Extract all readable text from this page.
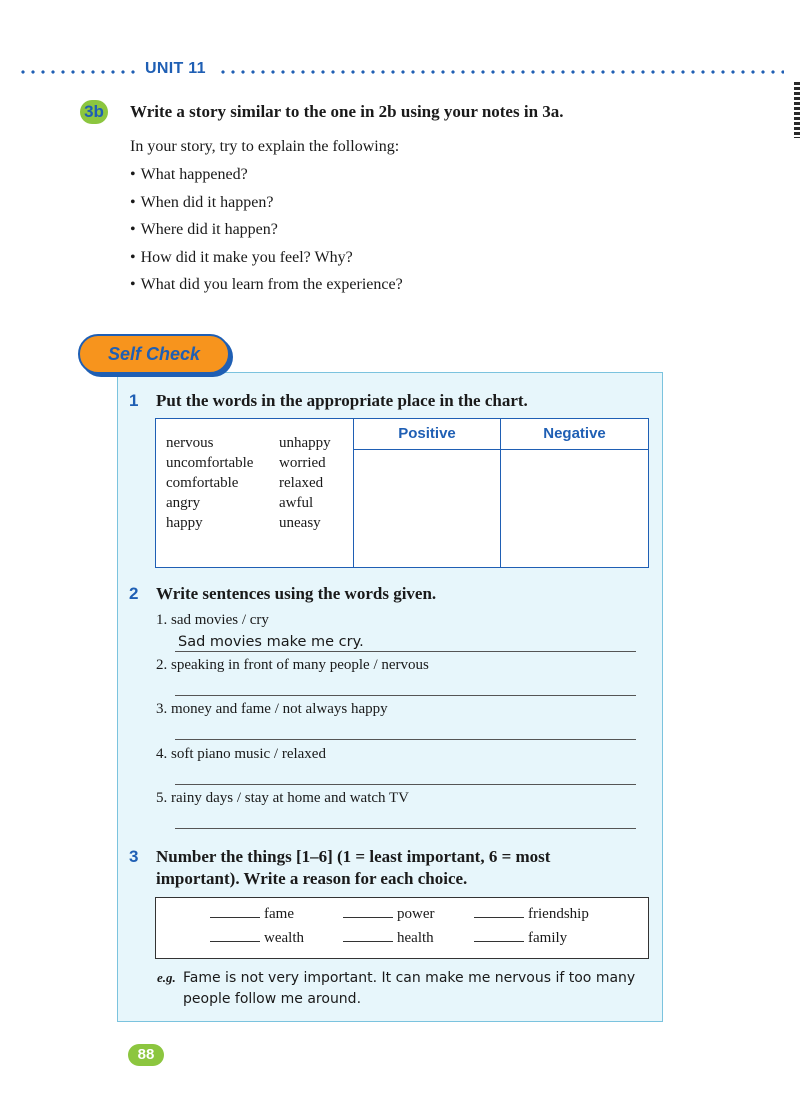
UNIT 11
3b Write a story similar to the one in 2b using your notes in 3a.
In your story, try to explain the following:
• What happened?
• When did it happen?
• Where did it happen?
• How did it make you feel? Why?
• What did you learn from the experience?
Self Check
1 Put the words in the appropriate place in the chart.
nervous	unhappy
uncomfortable	worried
comfortable	relaxed
angry	awful
happy	uneasy
Positive	Negative
2 Write sentences using the words given.
1. sad movies / cry
Sad movies make me cry.
2. speaking in front of many people / nervous
3. money and fame / not always happy
4. soft piano music / relaxed
5. rainy days / stay at home and watch TV
3 Number the things [1–6] (1 = least important, 6 = most
important). Write a reason for each choice.
fame	power	friendship
wealth	health	family
e.g. Fame is not very important. It can make me nervous if too many people follow me around.
88
